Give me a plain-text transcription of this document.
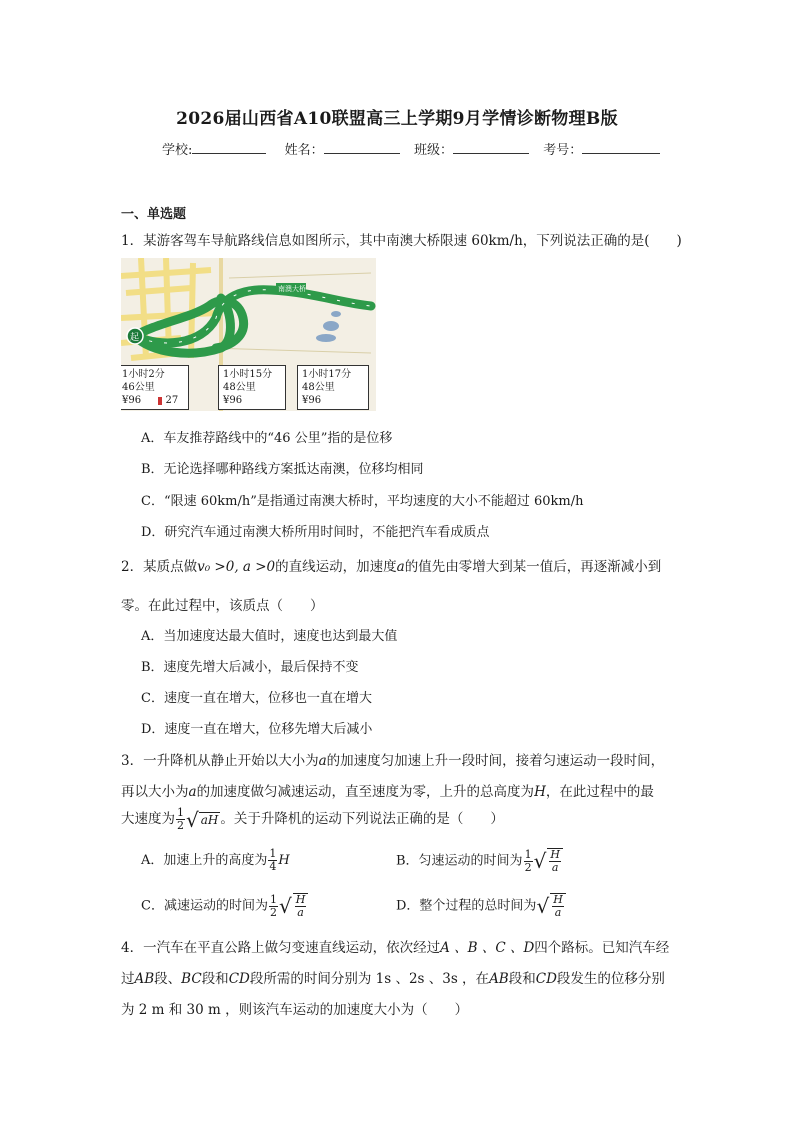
2026届山西省A10联盟高三上学期9月学情诊断物理B版
学校:	姓名：	班级：	考号：
一、单选题
1．某游客驾车导航路线信息如图所示，其中南澳大桥限速 60km/h，下列说法正确的是(　　)
南澳大桥
起
1小时2分
46公里
¥96 27
1小时15分
48公里
¥96
1小时17分
48公里
¥96
A．车友推荐路线中的“46 公里”指的是位移
B．无论选择哪种路线方案抵达南澳，位移均相同
C．“限速 60km/h”是指通过南澳大桥时，平均速度的大小不能超过 60km/h
D．研究汽车通过南澳大桥所用时间时，不能把汽车看成质点
2．某质点做v₀ >0, a >0的直线运动，加速度a的值先由零增大到某一值后，再逐渐减小到
零。在此过程中，该质点（　　）
A．当加速度达最大值时，速度也达到最大值
B．速度先增大后减小，最后保持不变
C．速度一直在增大，位移也一直在增大
D．速度一直在增大，位移先增大后减小
3．一升降机从静止开始以大小为a的加速度匀加速上升一段时间，接着匀速运动一段时间，
再以大小为a的加速度做匀减速运动，直至速度为零，上升的总高度为H，在此过程中的最
大速度为 $\frac{1}{2}$ √ aH 。关于升降机的运动下列说法正确的是（　　）
A．加速上升的高度为 $\frac{1}{4}$ H	B．匀速运动的时间为 $\frac{1}{2}$ √ $\frac{H}{a}$
C．减速运动的时间为 $\frac{1}{2}$ √ $\frac{H}{a}$	D．整个过程的总时间为√ $\frac{H}{a}$
4．一汽车在平直公路上做匀变速直线运动，依次经过A 、B 、C 、D四个路标。已知汽车经
过AB段、BC段和CD段所需的时间分别为 1s 、2s 、3s ，在AB段和CD段发生的位移分别
为 2 m 和 30 m ，则该汽车运动的加速度大小为（　　）
